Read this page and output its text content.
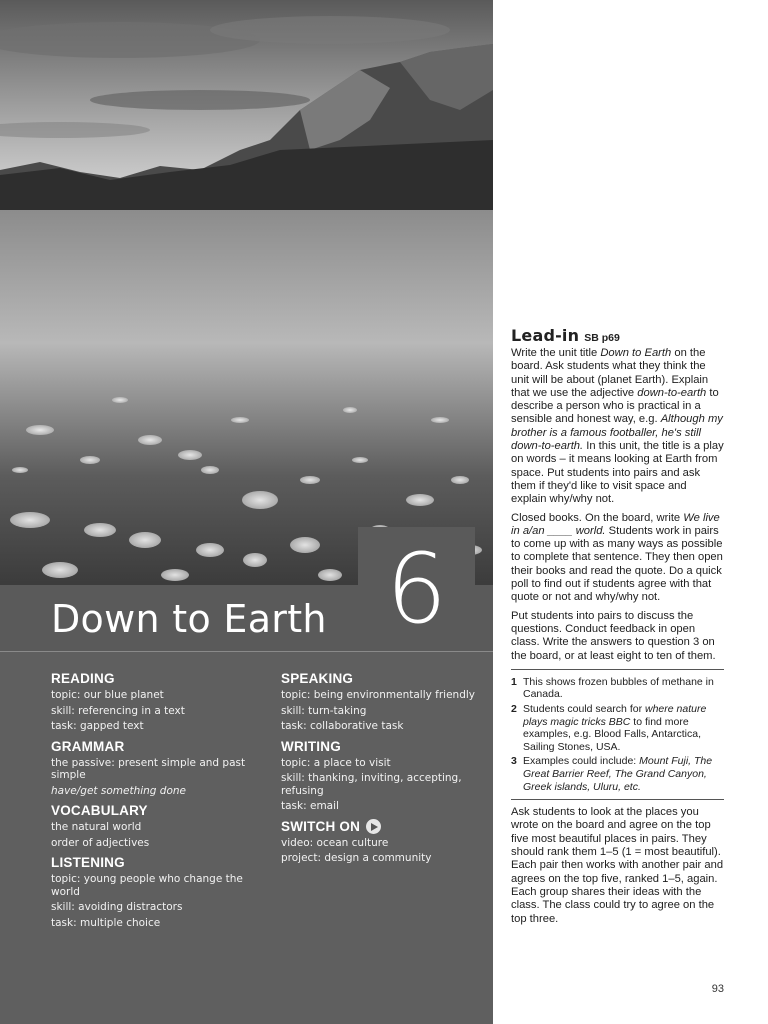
6
Down to Earth
READING
topic: our blue planet
skill: referencing in a text
task: gapped text
GRAMMAR
the passive: present simple and past simple
have/get something done
VOCABULARY
the natural world
order of adjectives
LISTENING
topic: young people who change the world
skill: avoiding distractors
task: multiple choice
SPEAKING
topic: being environmentally friendly
skill: turn-taking
task: collaborative task
WRITING
topic: a place to visit
skill: thanking, inviting, accepting, refusing
task: email
SWITCH ON
video: ocean culture
project: design a community
Lead-in SB p69

Write the unit title Down to Earth on the board. Ask students what they think the unit will be about (planet Earth). Explain that we use the adjective down-to-earth to describe a person who is practical in a sensible and honest way, e.g. Although my brother is a famous footballer, he's still down-to-earth. In this unit, the title is a play on words – it means looking at Earth from space. Put students into pairs and ask them if they'd like to visit space and explain why/why not.

Closed books. On the board, write We live in a/an ____ world. Students work in pairs to come up with as many ways as possible to complete that sentence. They then open their books and read the quote. Do a quick poll to find out if students agree with that quote or not and why/why not.

Put students into pairs to discuss the questions. Conduct feedback in open class. Write the answers to question 3 on the board, or at least eight to ten of them.

1 This shows frozen bubbles of methane in Canada.
2 Students could search for where nature plays magic tricks BBC to find more examples, e.g. Blood Falls, Antarctica, Sailing Stones, USA.
3 Examples could include: Mount Fuji, The Great Barrier Reef, The Grand Canyon, Greek islands, Uluru, etc.

Ask students to look at the places you wrote on the board and agree on the top five most beautiful places in pairs. They should rank them 1–5 (1 = most beautiful). Each pair then works with another pair and agrees on the top five, ranked 1–5, again. Each group shares their ideas with the class. The class could try to agree on the top three.

93
